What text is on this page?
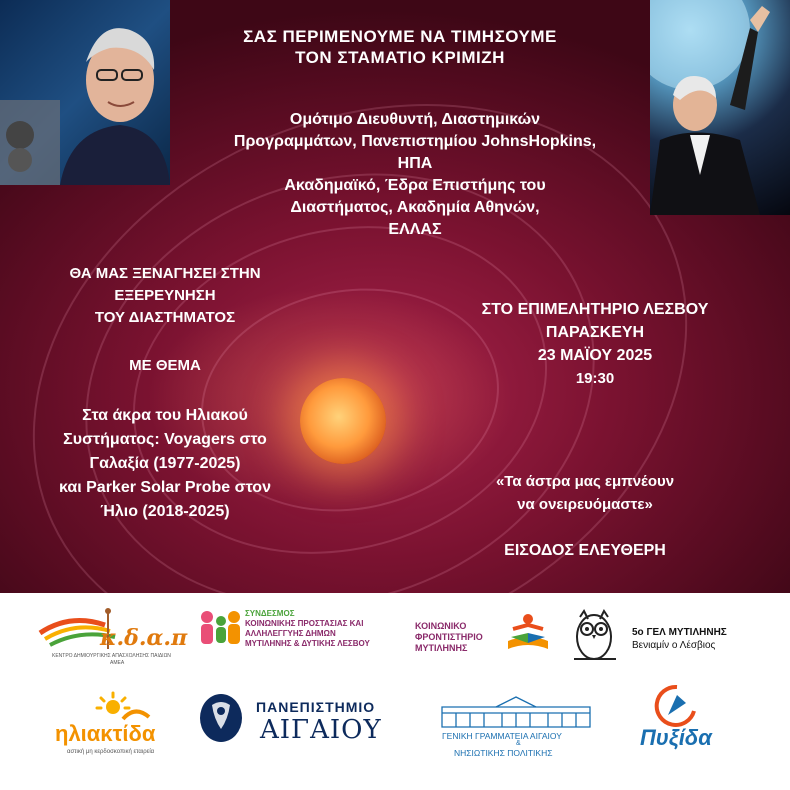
ΣΑΣ ΠΕΡΙΜΕΝΟΥΜΕ ΝΑ ΤΙΜΗΣΟΥΜΕ
ΤΟΝ ΣΤΑΜΑΤΙΟ ΚΡΙΜΙΖΗ
Ομότιμο Διευθυντή, Διαστημικών
Προγραμμάτων, Πανεπιστημίου JohnsHopkins,
ΗΠΑ
Ακαδημαϊκό, Έδρα Επιστήμης του
Διαστήματος, Ακαδημία Αθηνών,
ΕΛΛΑΣ
ΘΑ ΜΑΣ ΞΕΝΑΓΗΣΕΙ ΣΤΗΝ
ΕΞΕΡΕΥΝΗΣΗ
ΤΟΥ ΔΙΑΣΤΗΜΑΤΟΣ
ΜΕ ΘΕΜΑ
Στα άκρα του Ηλιακού
Συστήματος: Voyagers στο
Γαλαξία (1977-2025)
και Parker Solar Probe στον
Ήλιο (2018-2025)
ΣΤΟ ΕΠΙΜΕΛΗΤΗΡΙΟ ΛΕΣΒΟΥ
ΠΑΡΑΣΚΕΥΗ
23 ΜΑΪΟΥ 2025
19:30
«Τα άστρα μας εμπνέουν
να ονειρευόμαστε»
ΕΙΣΟΔΟΣ ΕΛΕΥΘΕΡΗ
κ.δ.α.π
ΚΕΝΤΡΟ ΔΗΜΙΟΥΡΓΙΚΗΣ ΑΠΑΣΧΟΛΗΣΗΣ ΠΑΙΔΙΩΝ
ΑΜΕΑ
ΣΥΝΔΕΣΜΟΣ
ΚΟΙΝΩΝΙΚΗΣ ΠΡΟΣΤΑΣΙΑΣ ΚΑΙ
ΑΛΛΗΛΕΓΓΥΗΣ ΔΗΜΩΝ
ΜΥΤΙΛΗΝΗΣ & ΔΥΤΙΚΗΣ ΛΕΣΒΟΥ
ΚΟΙΝΩΝΙΚΟ
ΦΡΟΝΤΙΣΤΗΡΙΟ
ΜΥΤΙΛΗΝΗΣ
5ο ΓΕΛ ΜΥΤΙΛΗΝΗΣ
Βενιαμίν ο Λέσβιος
ηλιακτίδα
αστική μη κερδοσκοπική εταιρεία
ΠΑΝΕΠΙΣΤΗΜΙΟ
ΑΙΓΑΙΟΥ	ΓΕΝΙΚΗ ΓΡΑΜΜΑΤΕΙΑ ΑΙΓΑΙΟΥ
&
ΝΗΣΙΩΤΙΚΗΣ ΠΟΛΙΤΙΚΗΣ
Πυξίδα
